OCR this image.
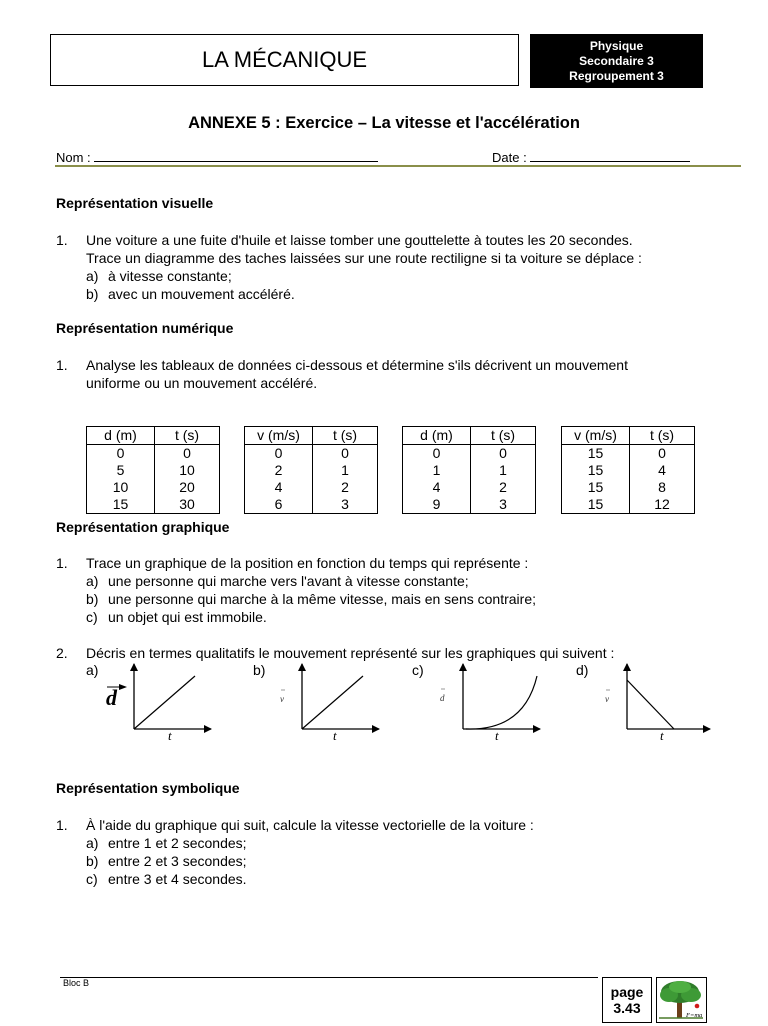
LA MÉCANIQUE
Physique
Secondaire 3
Regroupement 3
ANNEXE 5 : Exercice – La vitesse et l'accélération
Nom :	Date :
Représentation visuelle
1. Une voiture a une fuite d'huile et laisse tomber une gouttelette à toutes les 20 secondes.
Trace un diagramme des taches laissées sur une route rectiligne si ta voiture se déplace :
a) à vitesse constante;
b) avec un mouvement accéléré.
Représentation numérique
1. Analyse les tableaux de données ci-dessous et détermine s'ils décrivent un mouvement
uniforme ou un mouvement accéléré.
d (m)	t (s)
0	0
5	10
10	20
15	30
v (m/s)	t (s)
0	0
2	1
4	2
6	3
d (m)	t (s)
0	0
1	1
4	2
9	3
v (m/s)	t (s)
15	0
15	4
15	8
15	12
Représentation graphique
1. Trace un graphique de la position en fonction du temps qui représente :
a) une personne qui marche vers l'avant à vitesse constante;
b) une personne qui marche à la même vitesse, mais en sens contraire;
c) un objet qui est immobile.
2. Décris en termes qualitatifs le mouvement représenté sur les graphiques qui suivent :
a)	b)	c)	d)
d
t
v
t
d
t
v
t
Représentation symbolique
1. À l'aide du graphique qui suit, calcule la vitesse vectorielle de la voiture :
a) entre 1 et 2 secondes;
b) entre 2 et 3 secondes;
c) entre 3 et 4 secondes.
Bloc B
page
3.43	F=ma
